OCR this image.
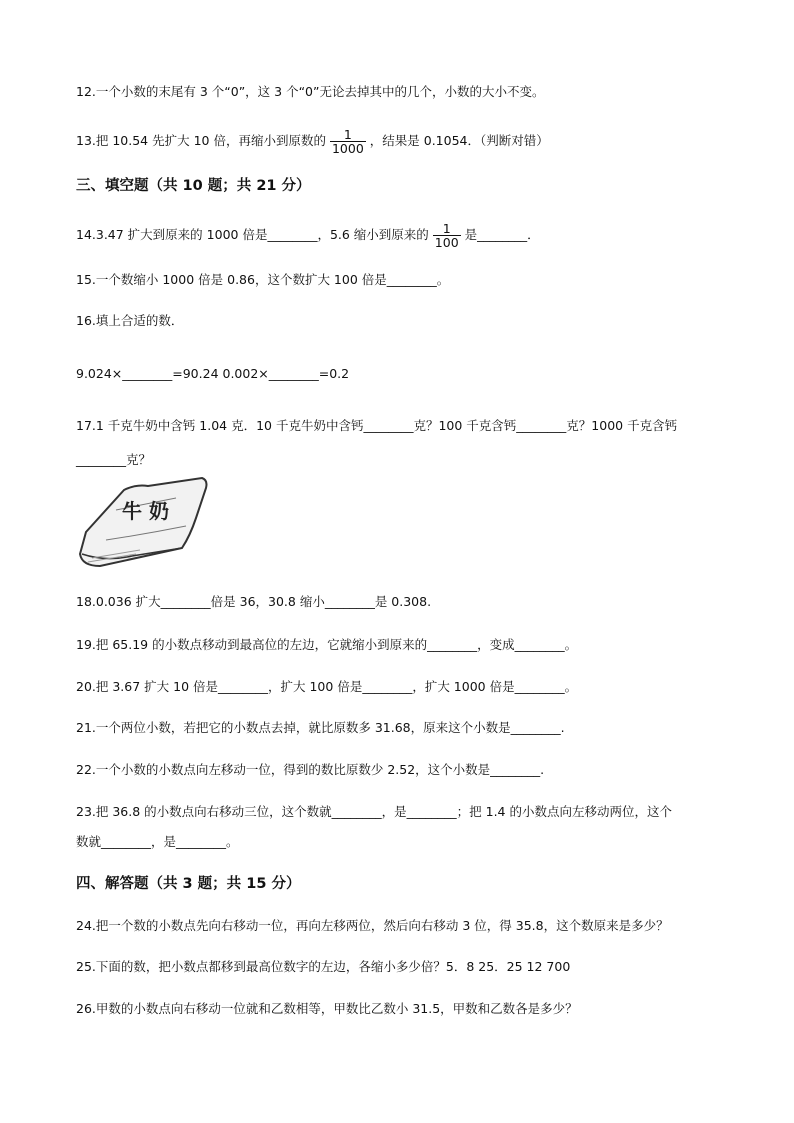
12.一个小数的末尾有 3 个“0”，这 3 个“0”无论去掉其中的几个，小数的大小不变。
13.把 10.54 先扩大 10 倍，再缩小到原数的 $\frac{1}{1000}$ ，结果是 0.1054．（判断对错）
三、填空题（共 10 题；共 21 分）
14.3.47 扩大到原来的 1000 倍是________，5.6 缩小到原来的 $\frac{1}{100}$ 是________．
15.一个数缩小 1000 倍是 0.86，这个数扩大 100 倍是________。
16.填上合适的数．
9.024×________=90.24 0.002×________=0.2
17.1 千克牛奶中含钙 1.04 克．10 千克牛奶中含钙________克？100 千克含钙________克？1000 千克含钙
________克？
牛 奶
18.0.036 扩大________倍是 36，30.8 缩小________是 0.308.
19.把 65.19 的小数点移动到最高位的左边，它就缩小到原来的________，变成________。
20.把 3.67 扩大 10 倍是________，扩大 100 倍是________，扩大 1000 倍是________。
21.一个两位小数，若把它的小数点去掉，就比原数多 31.68，原来这个小数是________.
22.一个小数的小数点向左移动一位，得到的数比原数少 2.52，这个小数是________.
23.把 36.8 的小数点向右移动三位，这个数就________，是________；把 1.4 的小数点向左移动两位，这个
数就________，是________。
四、解答题（共 3 题；共 15 分）
24.把一个数的小数点先向右移动一位，再向左移两位，然后向右移动 3 位，得 35.8，这个数原来是多少？
25.下面的数，把小数点都移到最高位数字的左边，各缩小多少倍？5．8 25．25 12 700
26.甲数的小数点向右移动一位就和乙数相等，甲数比乙数小 31.5，甲数和乙数各是多少？
